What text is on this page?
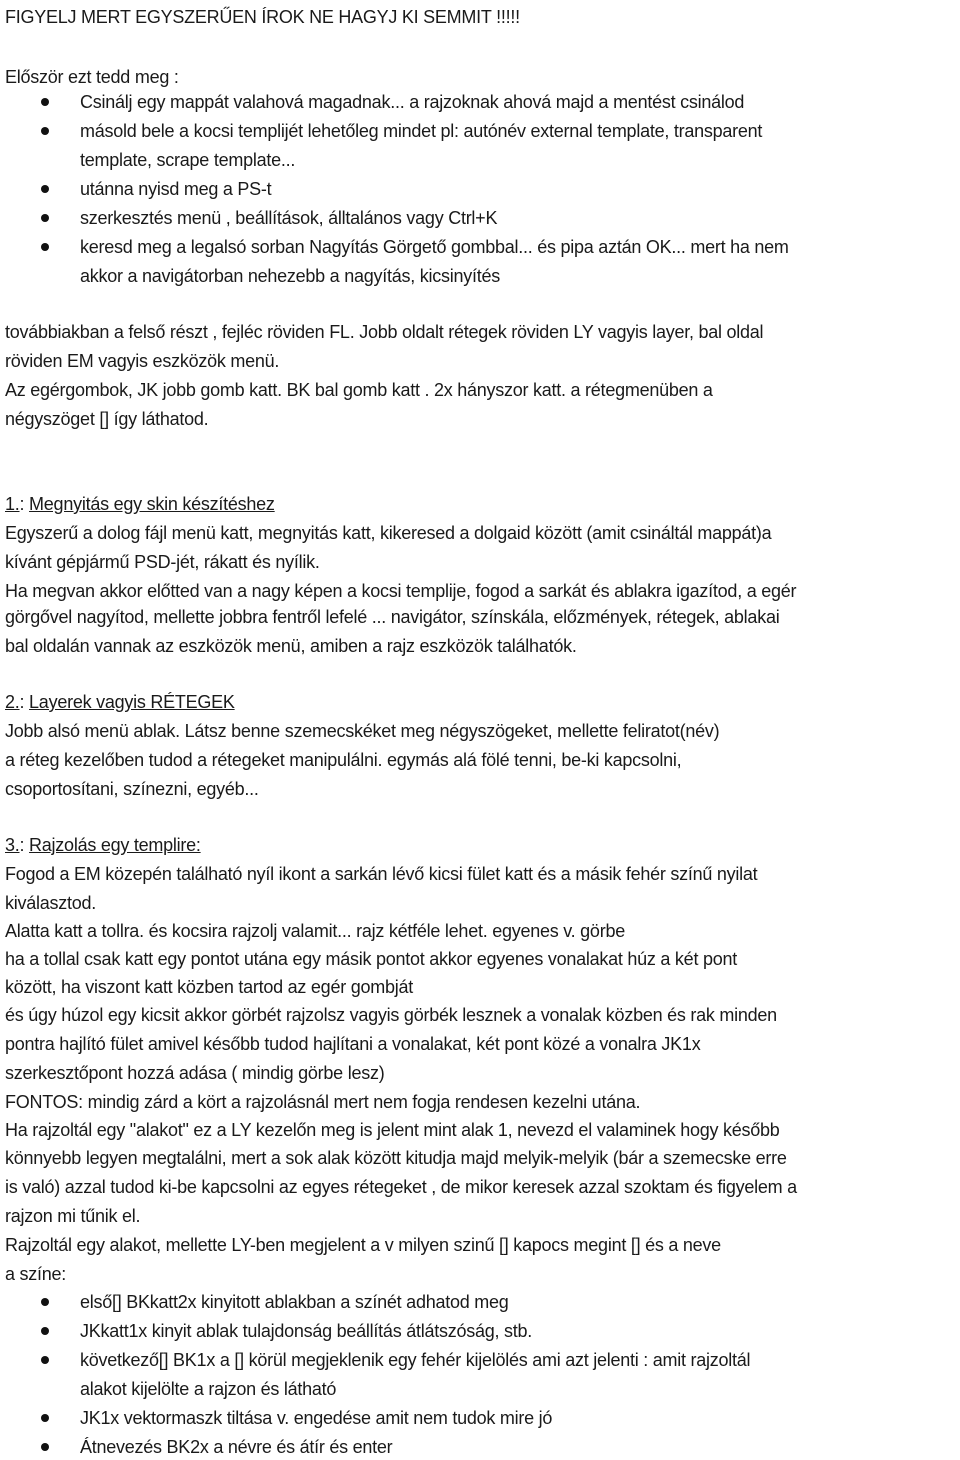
FIGYELJ MERT EGYSZERŰEN ÍROK NE HAGYJ KI SEMMIT !!!!!
Először ezt tedd meg :
Csinálj egy mappát valahová magadnak... a rajzoknak ahová majd a mentést csinálod
másold bele a kocsi templijét lehetőleg mindet pl: autónév external template, transparent
template, scrape template...
utánna nyisd meg a PS-t
szerkesztés menü , beállítások, álltalános vagy Ctrl+K
keresd meg a legalsó sorban Nagyítás Görgető gombbal... és pipa aztán OK... mert ha nem
akkor a navigátorban nehezebb a nagyítás, kicsinyítés
továbbiakban a felső részt , fejléc röviden FL. Jobb oldalt rétegek röviden LY vagyis layer, bal oldal
röviden EM vagyis eszközök menü.
Az egérgombok, JK jobb gomb katt. BK bal gomb katt . 2x hányszor katt. a rétegmenüben a
négyszöget [] így láthatod.
1.: Megnyitás egy skin készítéshez
Egyszerű a dolog fájl menü katt, megnyitás katt, kikeresed a dolgaid között (amit csináltál mappát)a
kívánt gépjármű PSD-jét, rákatt és nyílik.
Ha megvan akkor előtted van a nagy képen a kocsi templije, fogod a sarkát és ablakra igazítod, a egér
görgővel nagyítod, mellette jobbra fentről lefelé ... navigátor, színskála, előzmények, rétegek, ablakai
bal oldalán vannak az eszközök menü, amiben a rajz eszközök találhatók.
2.: Layerek vagyis RÉTEGEK
Jobb alsó menü ablak. Látsz benne szemecskéket meg négyszögeket, mellette feliratot(név)
a réteg kezelőben tudod a rétegeket manipulálni. egymás alá fölé tenni, be-ki kapcsolni,
csoportosítani, színezni, egyéb...
3.: Rajzolás egy templire:
Fogod a EM közepén található nyíl ikont a sarkán lévő kicsi fület katt és a másik fehér színű nyilat
kiválasztod.
Alatta katt a tollra. és kocsira rajzolj valamit... rajz kétféle lehet. egyenes v. görbe
ha a tollal csak katt egy pontot utána egy másik pontot akkor egyenes vonalakat húz a két pont
között, ha viszont katt közben tartod az egér gombját
és úgy húzol egy kicsit akkor görbét rajzolsz vagyis görbék lesznek a vonalak közben és rak minden
pontra hajlító fület amivel később tudod hajlítani a vonalakat, két pont közé a vonalra JK1x
szerkesztőpont hozzá adása ( mindig görbe lesz)
FONTOS: mindig zárd a kört a rajzolásnál mert nem fogja rendesen kezelni utána.
Ha rajzoltál egy "alakot" ez a LY kezelőn meg is jelent mint alak 1, nevezd el valaminek hogy később
könnyebb legyen megtalálni, mert a sok alak között kitudja majd melyik-melyik (bár a szemecske erre
is való) azzal tudod ki-be kapcsolni az egyes rétegeket , de mikor keresek azzal szoktam és figyelem a
rajzon mi tűnik el.
Rajzoltál egy alakot, mellette LY-ben megjelent a v milyen szinű [] kapocs megint [] és a neve
a színe:
első[] BKkatt2x kinyitott ablakban a színét adhatod meg
JKkatt1x kinyit ablak tulajdonság beállítás átlátszóság, stb.
következő[] BK1x a [] körül megjeklenik egy fehér kijelölés ami azt jelenti : amit rajzoltál
alakot kijelölte a rajzon és látható
JK1x vektormaszk tiltása v. engedése amit nem tudok mire jó
Átnevezés BK2x a névre és átír és enter
